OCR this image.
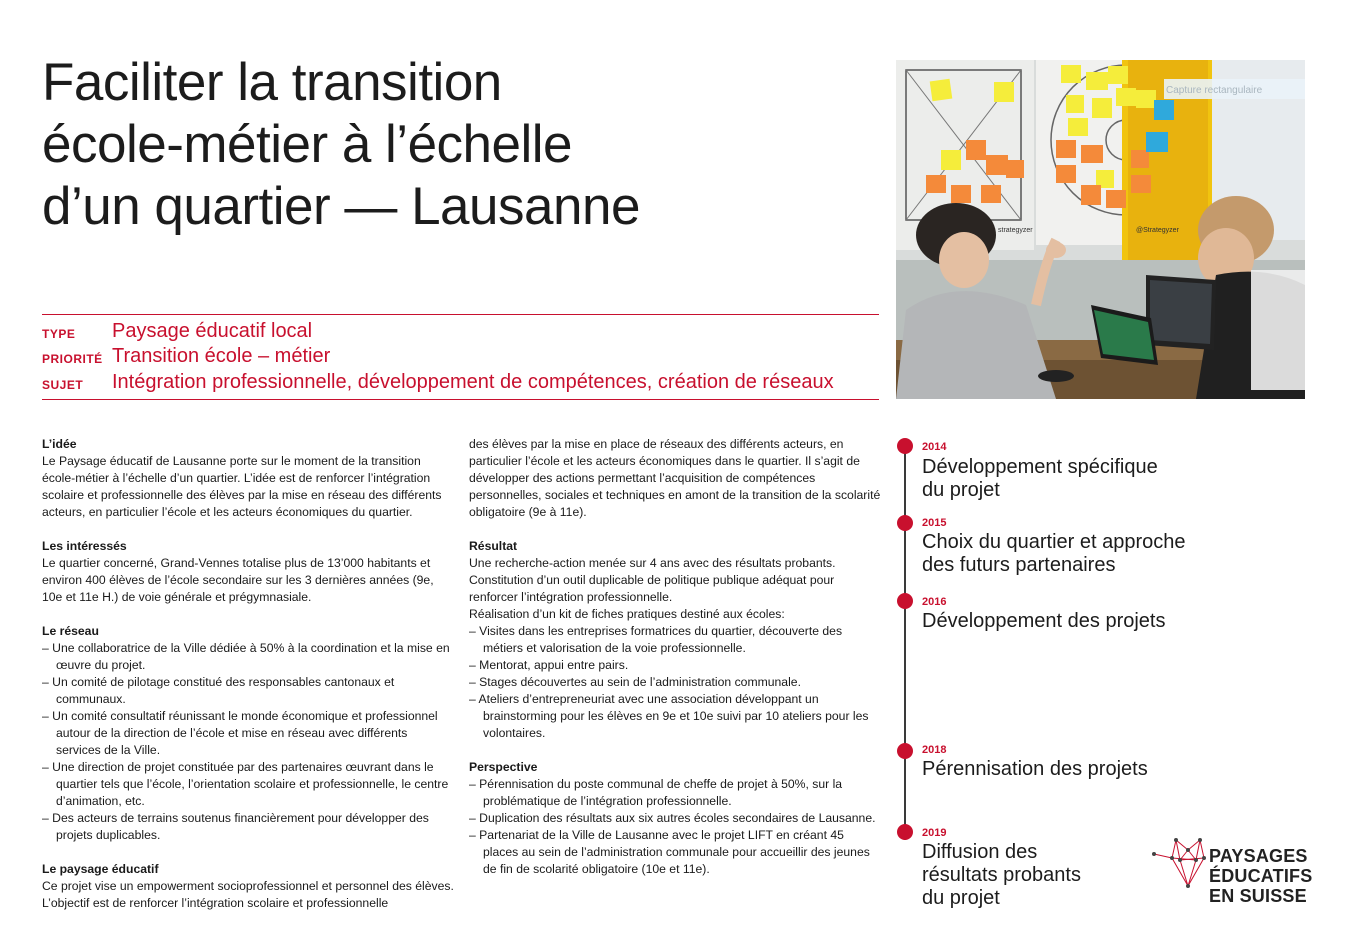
Faciliter la transition
école-métier à l’échelle
d’un quartier — Lausanne
TYPE Paysage éducatif local
PRIORITÉ Transition école – métier
SUJET Intégration professionnelle, développement de compétences, création de réseaux
Capture rectangulaire
@Strategyzer
strategyzer

L’idée

Le Paysage éducatif de Lausanne porte sur le moment de la transition école-métier à l’échelle d’un quartier. L’idée est de renforcer l’intégration scolaire et professionnelle des élèves par la mise en réseau des différents acteurs, en particulier l’école et les acteurs économiques du quartier.

Les intéressés

Le quartier concerné, Grand-Vennes totalise plus de 13’000 habitants et environ 400 élèves de l’école secondaire sur les 3 dernières années (9e, 10e et 11e H.) de voie générale et prégymnasiale.

Le réseau

– Une collaboratrice de la Ville dédiée à 50% à la coordination et la mise en œuvre du projet.

– Un comité de pilotage constitué des responsables cantonaux et communaux.

– Un comité consultatif réunissant le monde économique et professionnel autour de la direction de l’école et mise en réseau avec différents services de la Ville.

– Une direction de projet constituée par des partenaires œuvrant dans le quartier tels que l’école, l’orientation scolaire et professionnelle, le centre d’animation, etc.

– Des acteurs de terrains soutenus financièrement pour développer des projets duplicables.

Le paysage éducatif

Ce projet vise un empowerment socioprofessionnel et personnel des élèves. L’objectif est de renforcer l’intégration scolaire et professionnelle

des élèves par la mise en place de réseaux des différents acteurs, en particulier l’école et les acteurs économiques dans le quartier. Il s’agit de développer des actions permettant l’acquisition de compétences personnelles, sociales et techniques en amont de la transition de la scolarité obligatoire (9e à 11e).

Résultat

Une recherche-action menée sur 4 ans avec des résultats probants.

Constitution d’un outil duplicable de politique publique adéquat pour renforcer l’intégration professionnelle.

Réalisation d’un kit de fiches pratiques destiné aux écoles:

– Visites dans les entreprises formatrices du quartier, découverte des métiers et valorisation de la voie professionnelle.

– Mentorat, appui entre pairs.

– Stages découvertes au sein de l’administration communale.

– Ateliers d’entrepreneuriat avec une association développant un brainstorming pour les élèves en 9e et 10e suivi par 10 ateliers pour les volontaires.

Perspective

– Pérennisation du poste communal de cheffe de projet à 50%, sur la problématique de l’intégration professionnelle.

– Duplication des résultats aux six autres écoles secondaires de Lausanne.

– Partenariat de la Ville de Lausanne avec le projet LIFT en créant 45 places au sein de l’administration communale pour accueillir des jeunes de fin de scolarité obligatoire (10e et 11e).

2014
Développement spécifique du projet
2015
Choix du quartier et approche des futurs partenaires
2016
Développement des projets
2018
Pérennisation des projets
2019
Diffusion des résultats probants du projet
PAYSAGES
ÉDUCATIFS
EN SUISSE
